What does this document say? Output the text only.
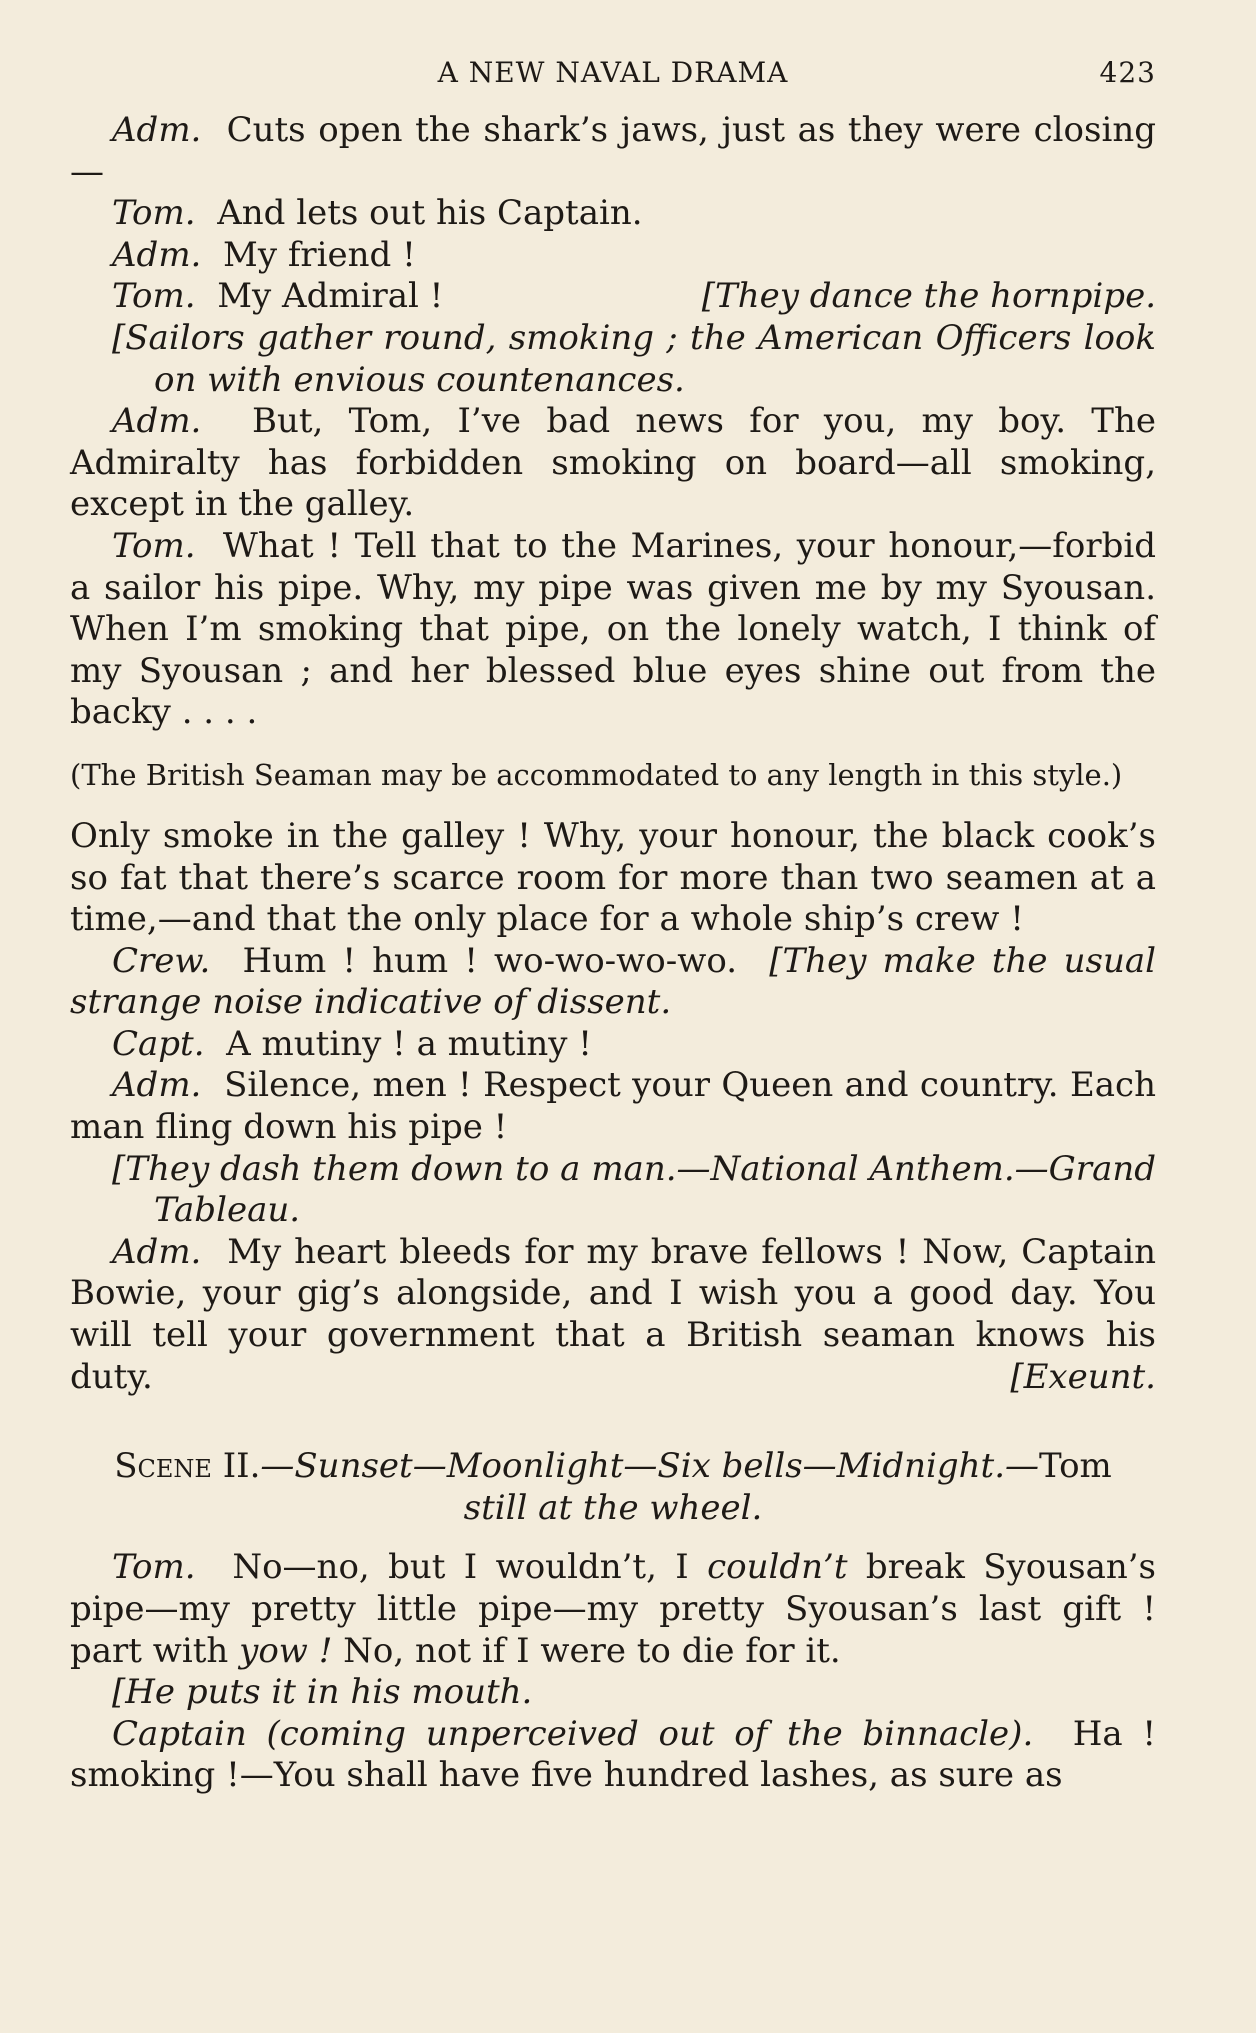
A NEW NAVAL DRAMA	423

Adm. Cuts open the shark’s jaws, just as they were closing—

Tom. And lets out his Captain.

Adm. My friend !

Tom. My Admiral !	[They dance the hornpipe.

[Sailors gather round, smoking ; the American Officers look on with envious countenances.

Adm. But, Tom, I’ve bad news for you, my boy. The Admiralty has forbidden smoking on board—all smoking, except in the galley.

Tom. What ! Tell that to the Marines, your honour,—forbid a sailor his pipe. Why, my pipe was given me by my Syousan. When I’m smoking that pipe, on the lonely watch, I think of my Syousan ; and her blessed blue eyes shine out from the backy . . . .

(The British Seaman may be accommodated to any length in this style.)

Only smoke in the galley ! Why, your honour, the black cook’s so fat that there’s scarce room for more than two seamen at a time,—and that the only place for a whole ship’s crew !

Crew. Hum ! hum ! wo-wo-wo-wo. [They make the usual strange noise indicative of dissent.

Capt. A mutiny ! a mutiny !

Adm. Silence, men ! Respect your Queen and country. Each man fling down his pipe !

[They dash them down to a man.—National Anthem.—Grand Tableau.

Adm. My heart bleeds for my brave fellows ! Now, Captain Bowie, your gig’s alongside, and I wish you a good day. You will tell your government that a British seaman knows his duty.	[Exeunt.

Scene II.—Sunset—Moonlight—Six bells—Midnight.—Tom
still at the wheel.

Tom. No—no, but I wouldn’t, I couldn’t break Syousan’s pipe—my pretty little pipe—my pretty Syousan’s last gift ! part with yow ! No, not if I were to die for it.

[He puts it in his mouth.

Captain (coming unperceived out of the binnacle). Ha ! smoking !—You shall have five hundred lashes, as sure as
